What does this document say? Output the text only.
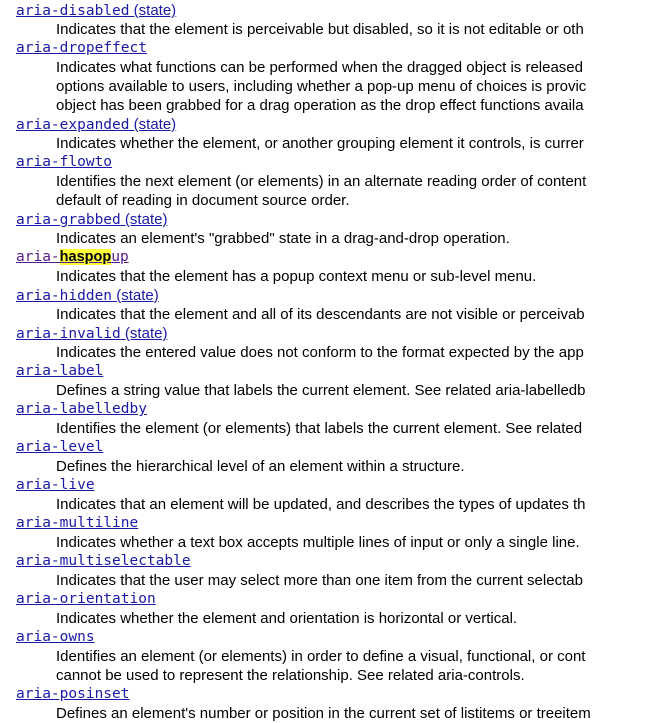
aria-disabled (state)
Indicates that the element is perceivable but disabled, so it is not editable or oth
aria-dropeffect
Indicates what functions can be performed when the dragged object is released
options available to users, including whether a pop-up menu of choices is provic
object has been grabbed for a drag operation as the drop effect functions availa
aria-expanded (state)
Indicates whether the element, or another grouping element it controls, is currer
aria-flowto
Identifies the next element (or elements) in an alternate reading order of content
default of reading in document source order.
aria-grabbed (state)
Indicates an element's "grabbed" state in a drag-and-drop operation.
aria-haspopup
Indicates that the element has a popup context menu or sub-level menu.
aria-hidden (state)
Indicates that the element and all of its descendants are not visible or perceivab
aria-invalid (state)
Indicates the entered value does not conform to the format expected by the app
aria-label
Defines a string value that labels the current element. See related aria-labelledb
aria-labelledby
Identifies the element (or elements) that labels the current element. See related
aria-level
Defines the hierarchical level of an element within a structure.
aria-live
Indicates that an element will be updated, and describes the types of updates th
aria-multiline
Indicates whether a text box accepts multiple lines of input or only a single line.
aria-multiselectable
Indicates that the user may select more than one item from the current selectab
aria-orientation
Indicates whether the element and orientation is horizontal or vertical.
aria-owns
Identifies an element (or elements) in order to define a visual, functional, or cont
cannot be used to represent the relationship. See related aria-controls.
aria-posinset
Defines an element's number or position in the current set of listitems or treeitem
